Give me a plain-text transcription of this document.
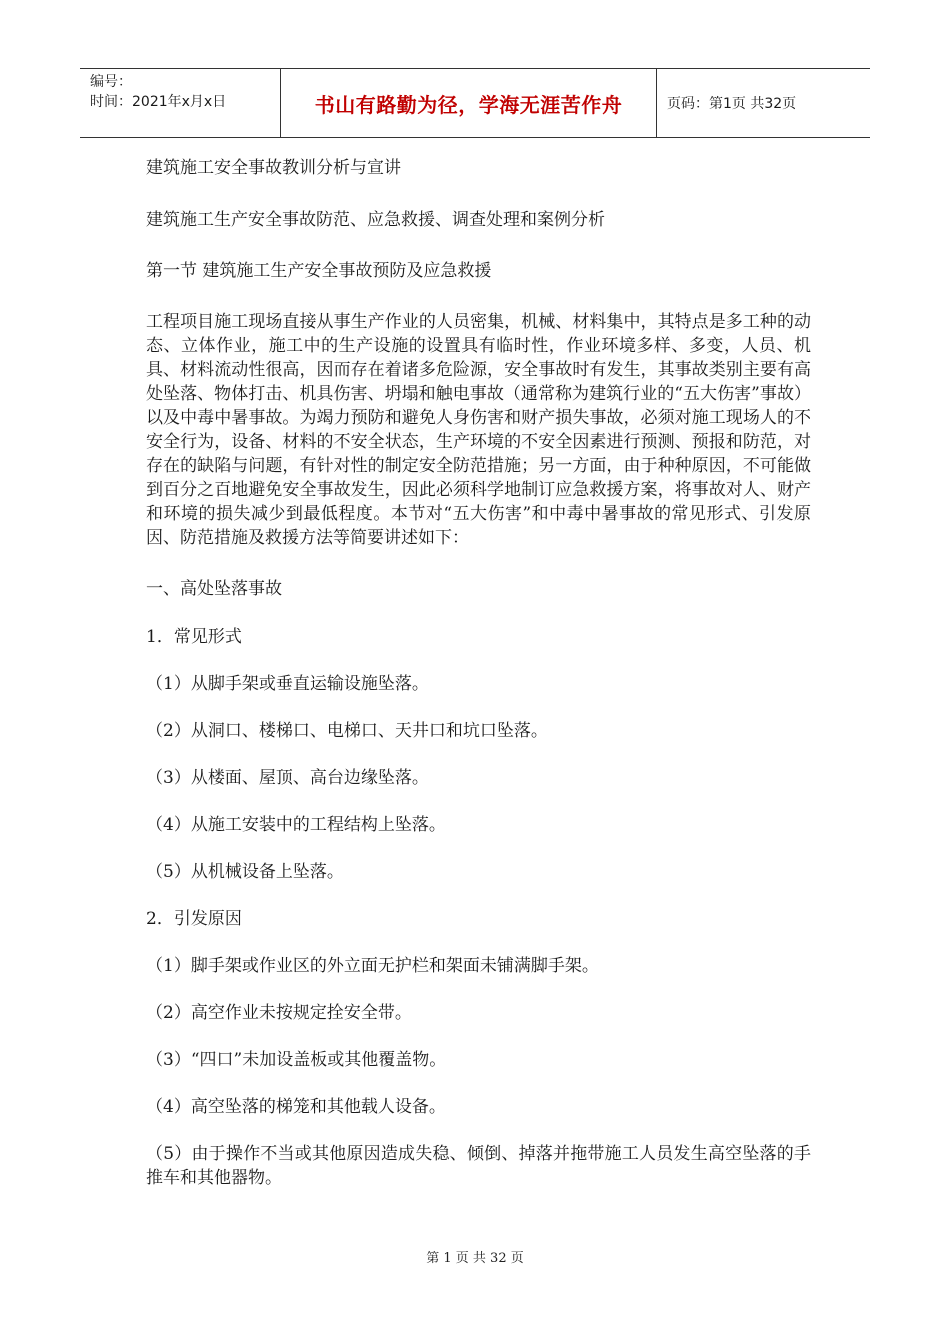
编号：
时间：2021年x月x日	书山有路勤为径，学海无涯苦作舟	页码：第1页 共32页

建筑施工安全事故教训分析与宣讲

建筑施工生产安全事故防范、应急救援、调查处理和案例分析

第一节 建筑施工生产安全事故预防及应急救援

工程项目施工现场直接从事生产作业的人员密集，机械、材料集中，其特点是多工种的动态、立体作业，施工中的生产设施的设置具有临时性，作业环境多样、多变，人员、机具、材料流动性很高，因而存在着诸多危险源，安全事故时有发生，其事故类别主要有高处坠落、物体打击、机具伤害、坍塌和触电事故（通常称为建筑行业的“五大伤害”事故）以及中毒中暑事故。为竭力预防和避免人身伤害和财产损失事故，必须对施工现场人的不安全行为，设备、材料的不安全状态，生产环境的不安全因素进行预测、预报和防范，对存在的缺陷与问题，有针对性的制定安全防范措施；另一方面，由于种种原因，不可能做到百分之百地避免安全事故发生，因此必须科学地制订应急救援方案，将事故对人、财产和环境的损失减少到最低程度。本节对“五大伤害”和中毒中暑事故的常见形式、引发原因、防范措施及救援方法等简要讲述如下：

一、高处坠落事故

1．常见形式

（1）从脚手架或垂直运输设施坠落。

（2）从洞口、楼梯口、电梯口、天井口和坑口坠落。

（3）从楼面、屋顶、高台边缘坠落。

（4）从施工安装中的工程结构上坠落。

（5）从机械设备上坠落。

2．引发原因

（1）脚手架或作业区的外立面无护栏和架面未铺满脚手架。

（2）高空作业未按规定拴安全带。

（3）“四口”未加设盖板或其他覆盖物。

（4）高空坠落的梯笼和其他载人设备。

（5）由于操作不当或其他原因造成失稳、倾倒、掉落并拖带施工人员发生高空坠落的手推车和其他器物。

第 1 页 共 32 页
